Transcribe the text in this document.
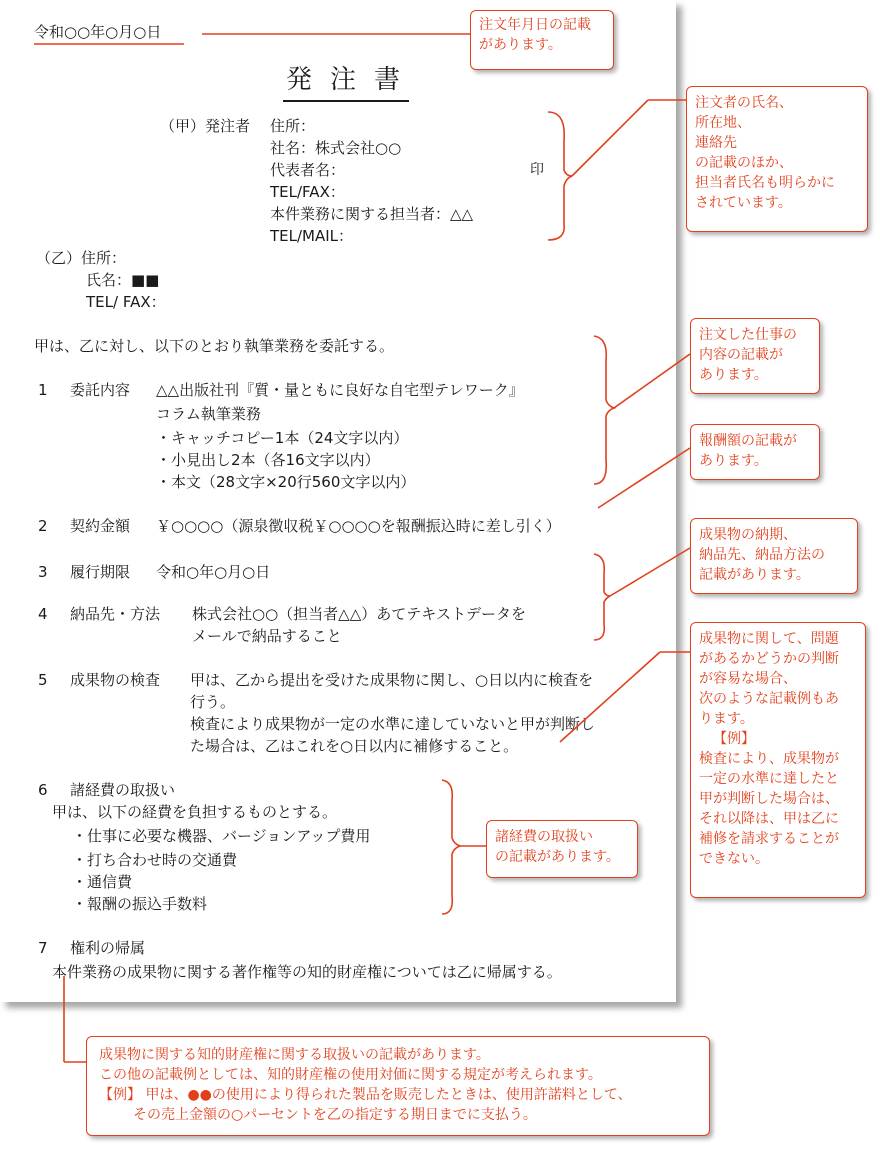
令和○○年○月○日
発注書
（甲）発注者 住所：
社名：株式会社○○
代表者名：	印
TEL/FAX：
本件業務に関する担当者：△△
TEL/MAIL：
（乙）住所：
氏名：■■
TEL/ FAX：
甲は、乙に対し、以下のとおり執筆業務を委託する。
1 委託内容 △△出版社刊『質・量ともに良好な自宅型テレワーク』
コラム執筆業務
・キャッチコピー1本（24文字以内）
・小見出し2本（各16文字以内）
・本文（28文字×20行560文字以内）
2 契約金額 ￥○○○○（源泉徴収税￥○○○○を報酬振込時に差し引く）
3 履行期限 令和○年○月○日
4 納品先・方法 株式会社○○（担当者△△）あてテキストデータを
メールで納品すること
5 成果物の検査 甲は、乙から提出を受けた成果物に関し、○日以内に検査を
行う。
検査により成果物が一定の水準に達していないと甲が判断し
た場合は、乙はこれを○日以内に補修すること。
6 諸経費の取扱い
甲は、以下の経費を負担するものとする。
・仕事に必要な機器、バージョンアップ費用
・打ち合わせ時の交通費
・通信費
・報酬の振込手数料
7 権利の帰属
本件業務の成果物に関する著作権等の知的財産権については乙に帰属する。
注文年月日の記載
があります。
注文者の氏名、
所在地、
連絡先
の記載のほか、
担当者氏名も明らかに
されています。
注文した仕事の
内容の記載が
あります。
報酬額の記載が
あります。
成果物の納期、
納品先、納品方法の
記載があります。
成果物に関して、問題
があるかどうかの判断
が容易な場合、
次のような記載例もあ
ります。
【例】
検査により、成果物が
一定の水準に達したと
甲が判断した場合は、
それ以降は、甲は乙に
補修を請求することが
できない。
諸経費の取扱い
の記載があります。
成果物に関する知的財産権に関する取扱いの記載があります。
この他の記載例としては、知的財産権の使用対価に関する規定が考えられます。
【例】 甲は、●●の使用により得られた製品を販売したときは、使用許諾料として、
その売上金額の○パーセントを乙の指定する期日までに支払う。
